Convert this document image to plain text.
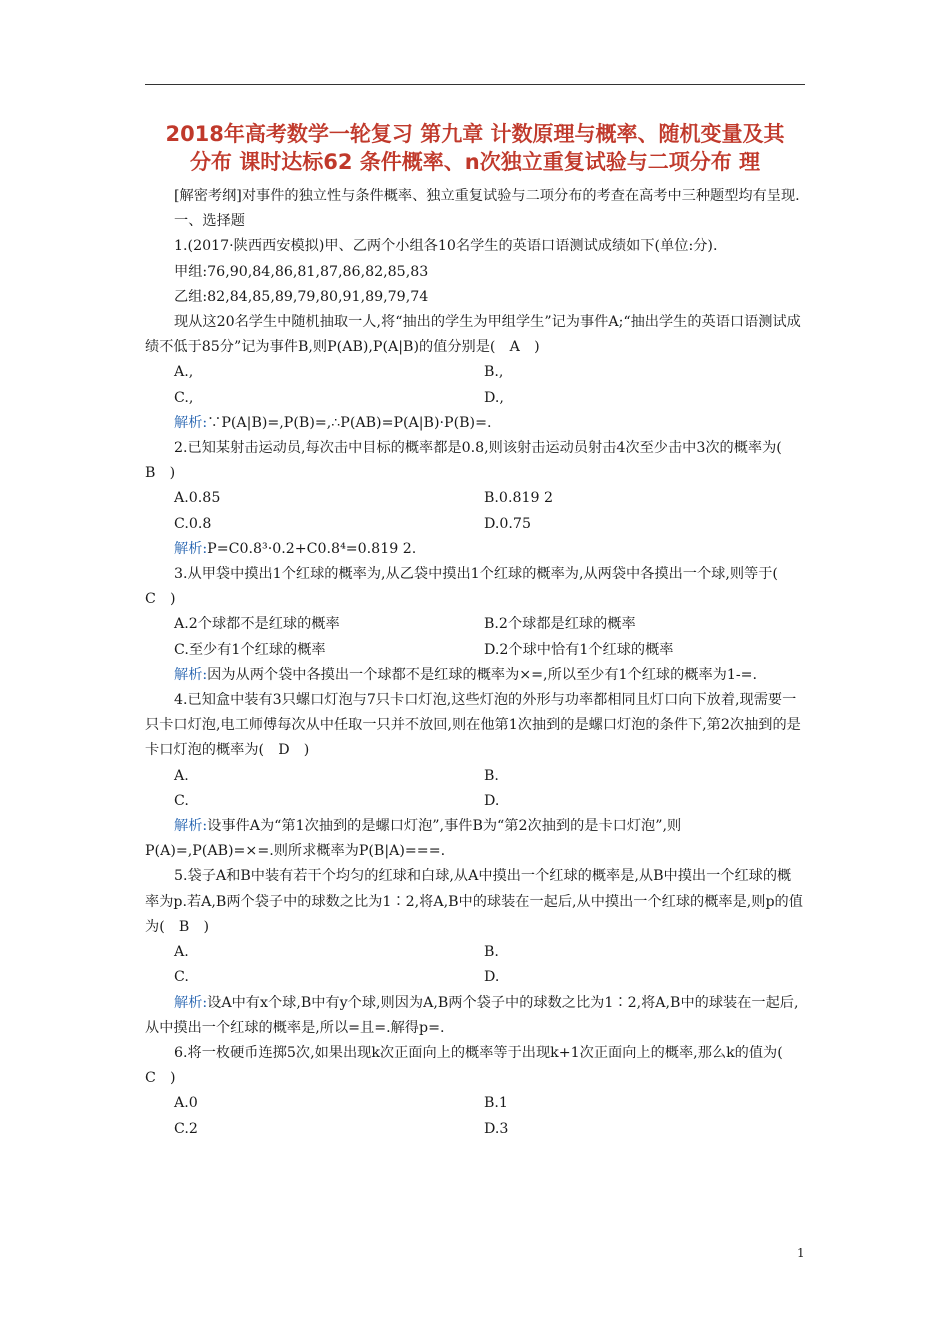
2018年高考数学一轮复习 第九章 计数原理与概率、随机变量及其
分布 课时达标62 条件概率、n次独立重复试验与二项分布 理
[解密考纲]对事件的独立性与条件概率、独立重复试验与二项分布的考查在高考中三种题型均有呈现.
一、选择题
1.(2017·陕西西安模拟)甲、乙两个小组各10名学生的英语口语测试成绩如下(单位:分).
甲组:76,90,84,86,81,87,86,82,85,83
乙组:82,84,85,89,79,80,91,89,79,74
现从这20名学生中随机抽取一人,将“抽出的学生为甲组学生”记为事件A;“抽出学生的英语口语测试成绩不低于85分”记为事件B,则P(AB),P(A|B)的值分别是(　A　)
A.,	B.,
C.,	D.,
解析:∵P(A|B)=,P(B)=,∴P(AB)=P(A|B)·P(B)=.
2.已知某射击运动员,每次击中目标的概率都是0.8,则该射击运动员射击4次至少击中3次的概率为(　B　)
A.0.85	B.0.819 2
C.0.8	D.0.75
解析:P=C0.8³·0.2+C0.8⁴=0.819 2.
3.从甲袋中摸出1个红球的概率为,从乙袋中摸出1个红球的概率为,从两袋中各摸出一个球,则等于(　C　)
A.2个球都不是红球的概率	B.2个球都是红球的概率
C.至少有1个红球的概率	D.2个球中恰有1个红球的概率
解析:因为从两个袋中各摸出一个球都不是红球的概率为×=,所以至少有1个红球的概率为1-=.
4.已知盒中装有3只螺口灯泡与7只卡口灯泡,这些灯泡的外形与功率都相同且灯口向下放着,现需要一只卡口灯泡,电工师傅每次从中任取一只并不放回,则在他第1次抽到的是螺口灯泡的条件下,第2次抽到的是卡口灯泡的概率为(　D　)
A.	B.
C.	D.
解析:设事件A为“第1次抽到的是螺口灯泡”,事件B为“第2次抽到的是卡口灯泡”,则P(A)=,P(AB)=×=.则所求概率为P(B|A)===.
5.袋子A和B中装有若干个均匀的红球和白球,从A中摸出一个红球的概率是,从B中摸出一个红球的概率为p.若A,B两个袋子中的球数之比为1∶2,将A,B中的球装在一起后,从中摸出一个红球的概率是,则p的值为(　B　)
A.	B.
C.	D.
解析:设A中有x个球,B中有y个球,则因为A,B两个袋子中的球数之比为1∶2,将A,B中的球装在一起后,从中摸出一个红球的概率是,所以=且=.解得p=.
6.将一枚硬币连掷5次,如果出现k次正面向上的概率等于出现k+1次正面向上的概率,那么k的值为(　C　)
A.0	B.1
C.2	D.3
1
